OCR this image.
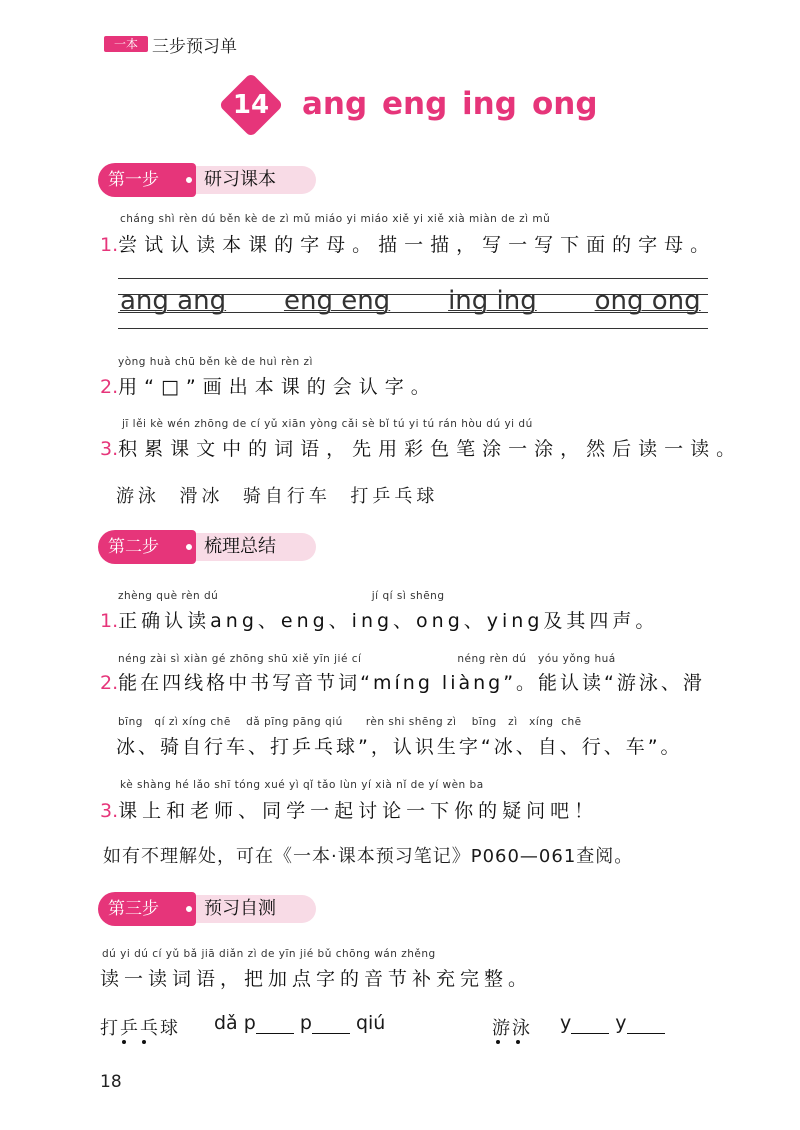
一本 三步预习单
14 ang eng ing ong
第一步	研习课本
cháng shì rèn dú běn kè de zì mǔ miáo yi miáo xiě yi xiě xià miàn de zì mǔ
1.尝试认读本课的字母。描一描，写一写下面的字母。
ang ang eng eng ing ing ong ong
yòng huà chū běn kè de huì rèn zì
2.用“□”画出本课的会认字。
jī lěi kè wén zhōng de cí yǔ xiān yòng cǎi sè bǐ tú yi tú rán hòu dú yi dú
3.积累课文中的词语，先用彩色笔涂一涂，然后读一读。
游泳  滑冰  骑自行车  打乒乓球
第二步	梳理总结
zhèng què rèn dú                                        jí qí sì shēng
1.正确认读ang、eng、ing、ong、ying及其四声。
néng zài sì xiàn gé zhōng shū xiě yīn jié cí                         néng rèn dú   yóu yǒng huá
2.能在四线格中书写音节词“míng liàng”。能认读“游泳、滑
bīng   qí zì xíng chē    dǎ pīng pāng qiú      rèn shi shēng zì    bīng   zì   xíng  chē
冰、骑自行车、打乒乓球”，认识生字“冰、自、行、车”。
kè shàng hé lǎo shī tóng xué yì qǐ tǎo lùn yí xià nǐ de yí wèn ba
3.课上和老师、同学一起讨论一下你的疑问吧！
如有不理解处，可在《一本·课本预习笔记》P060—061查阅。
第三步	预习自测
dú yi dú cí yǔ bǎ jiā diǎn zì de yīn jié bǔ chōng wán zhěng
读一读词语，把加点字的音节补充完整。
打乒乓球 dǎ p p qiú	游泳 y y
18
